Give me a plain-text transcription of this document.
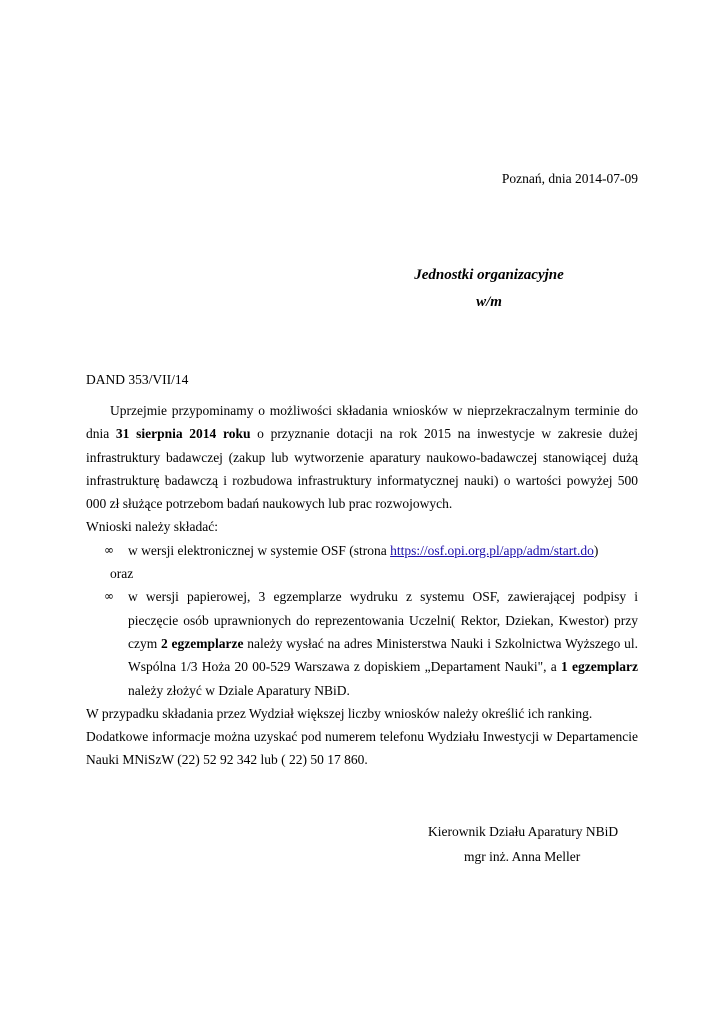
Poznań, dnia 2014-07-09
Jednostki organizacyjne
w/m
DAND 353/VII/14

Uprzejmie przypominamy o możliwości składania wniosków w nieprzekraczalnym terminie do dnia 31 sierpnia 2014 roku o przyznanie dotacji na rok 2015 na inwestycje w zakresie dużej infrastruktury badawczej (zakup lub wytworzenie aparatury naukowo-badawczej stanowiącej dużą infrastrukturę badawczą i rozbudowa infrastruktury informatycznej nauki) o wartości powyżej 500 000 zł służące potrzebom badań naukowych lub prac rozwojowych.

Wnioski należy składać:

∞ w wersji elektronicznej w systemie OSF (strona https://osf.opi.org.pl/app/adm/start.do)

oraz

∞ w wersji papierowej, 3 egzemplarze wydruku z systemu OSF, zawierającej podpisy i pieczęcie osób uprawnionych do reprezentowania Uczelni( Rektor, Dziekan, Kwestor) przy czym 2 egzemplarze należy wysłać na adres Ministerstwa Nauki i Szkolnictwa Wyższego ul. Wspólna 1/3 Hoża 20 00-529 Warszawa z dopiskiem „Departament Nauki", a 1 egzemplarz należy złożyć w Dziale Aparatury NBiD.

W przypadku składania przez Wydział większej liczby wniosków należy określić ich ranking.

Dodatkowe informacje można uzyskać pod numerem telefonu Wydziału Inwestycji w Departamencie Nauki MNiSzW (22) 52 92 342 lub ( 22) 50 17 860.

Kierownik Działu Aparatury NBiD
mgr inż. Anna Meller
